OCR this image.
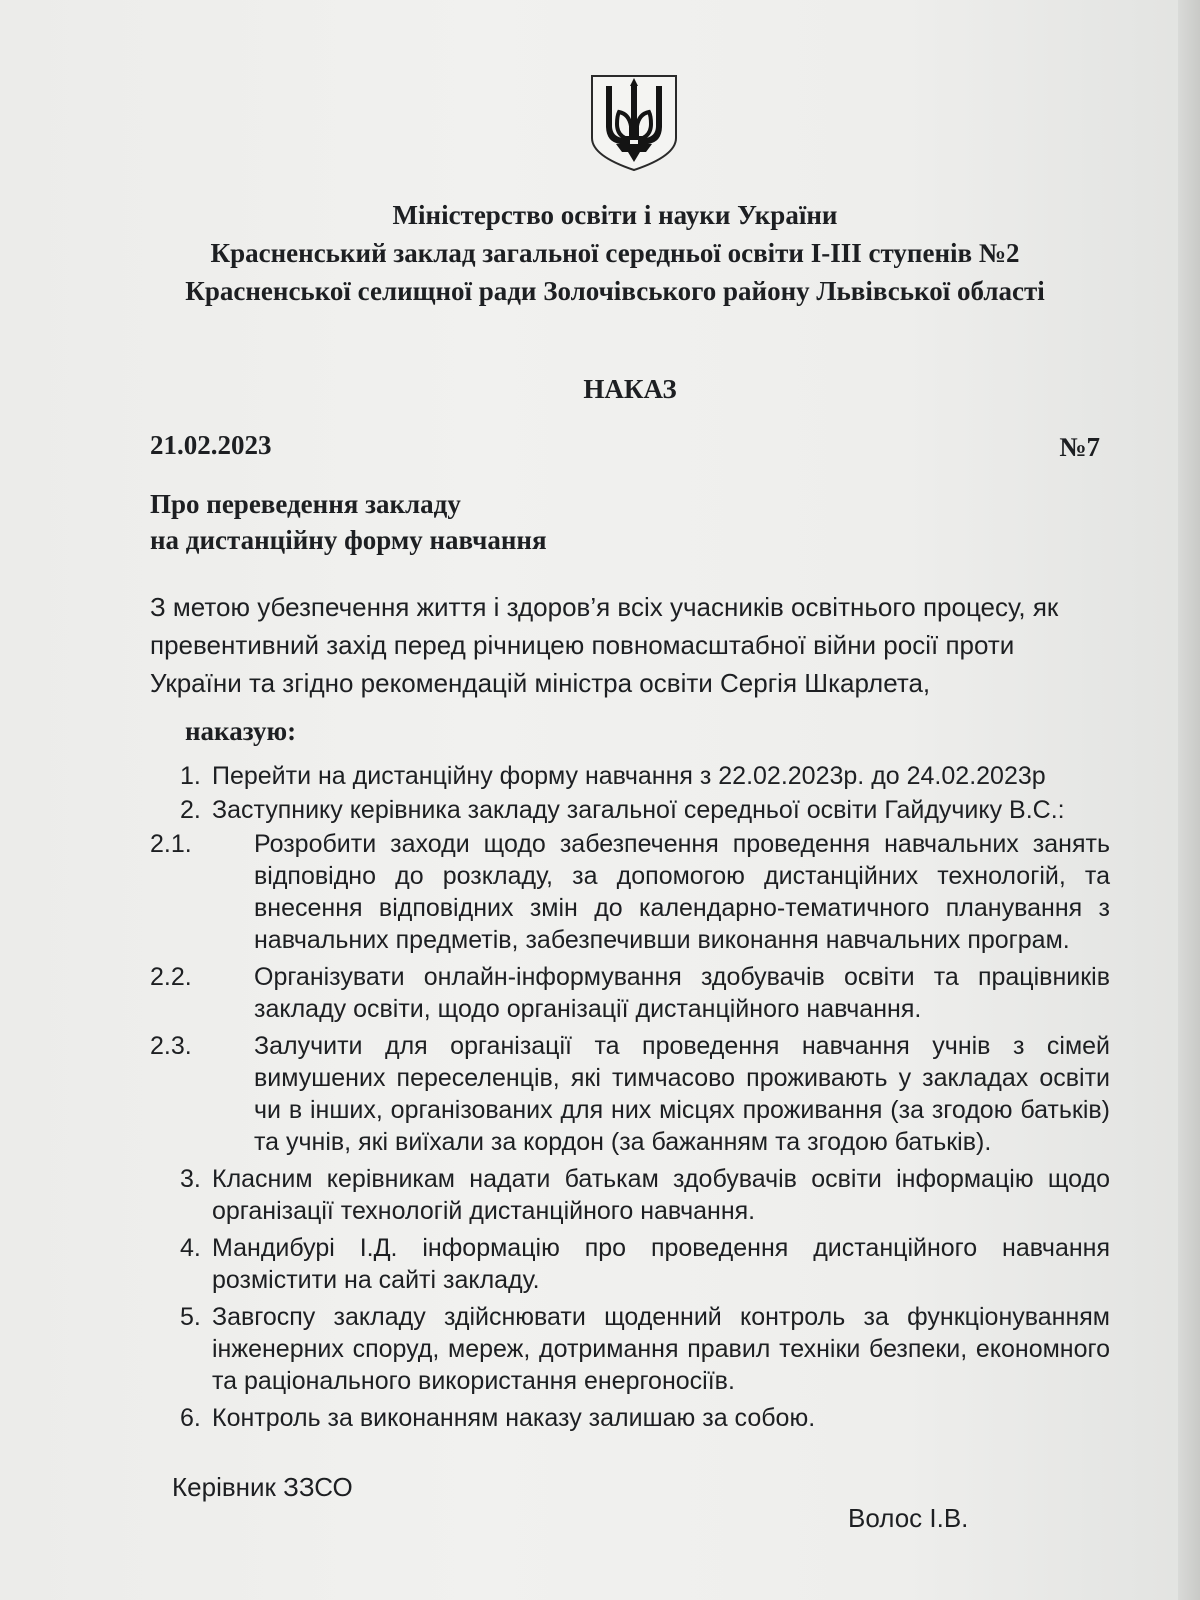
Міністерство освіти і науки України
Красненський заклад загальної середньої освіти І-ІІІ ступенів №2
Красненської селищної ради Золочівського району Львівської області
НАКАЗ
21.02.2023	№7
Про переведення закладу
на дистанційну форму навчання
З метою убезпечення життя і здоров’я всіх учасників освітнього процесу, як превентивний захід перед річницею повномасштабної війни росії проти України та згідно рекомендацій міністра освіти Сергія Шкарлета,
наказую:
1. Перейти на дистанційну форму навчання з 22.02.2023р. до 24.02.2023р
2. Заступнику керівника закладу загальної середньої освіти Гайдучику В.С.:
2.1.	Розробити заходи щодо забезпечення проведення навчальних занять відповідно до розкладу, за допомогою дистанційних технологій, та внесення відповідних змін до календарно-тематичного планування з навчальних предметів, забезпечивши виконання навчальних програм.
2.2.	Організувати онлайн-інформування здобувачів освіти та працівників закладу освіти, щодо організації дистанційного навчання.
2.3.	Залучити для організації та проведення навчання учнів з сімей вимушених переселенців, які тимчасово проживають у закладах освіти чи в інших, організованих для них місцях проживання (за згодою батьків) та учнів, які виїхали за кордон (за бажанням та згодою батьків).
3. Класним керівникам надати батькам здобувачів освіти інформацію щодо організації технологій дистанційного навчання.
4. Мандибурі І.Д. інформацію про проведення дистанційного навчання розмістити на сайті закладу.
5. Завгоспу закладу здійснювати щоденний контроль за функціонуванням інженерних споруд, мереж, дотримання правил техніки безпеки, економного та раціонального використання енергоносіїв.
6. Контроль за виконанням наказу залишаю за собою.
Керівник ЗЗСО
Волос І.В.
